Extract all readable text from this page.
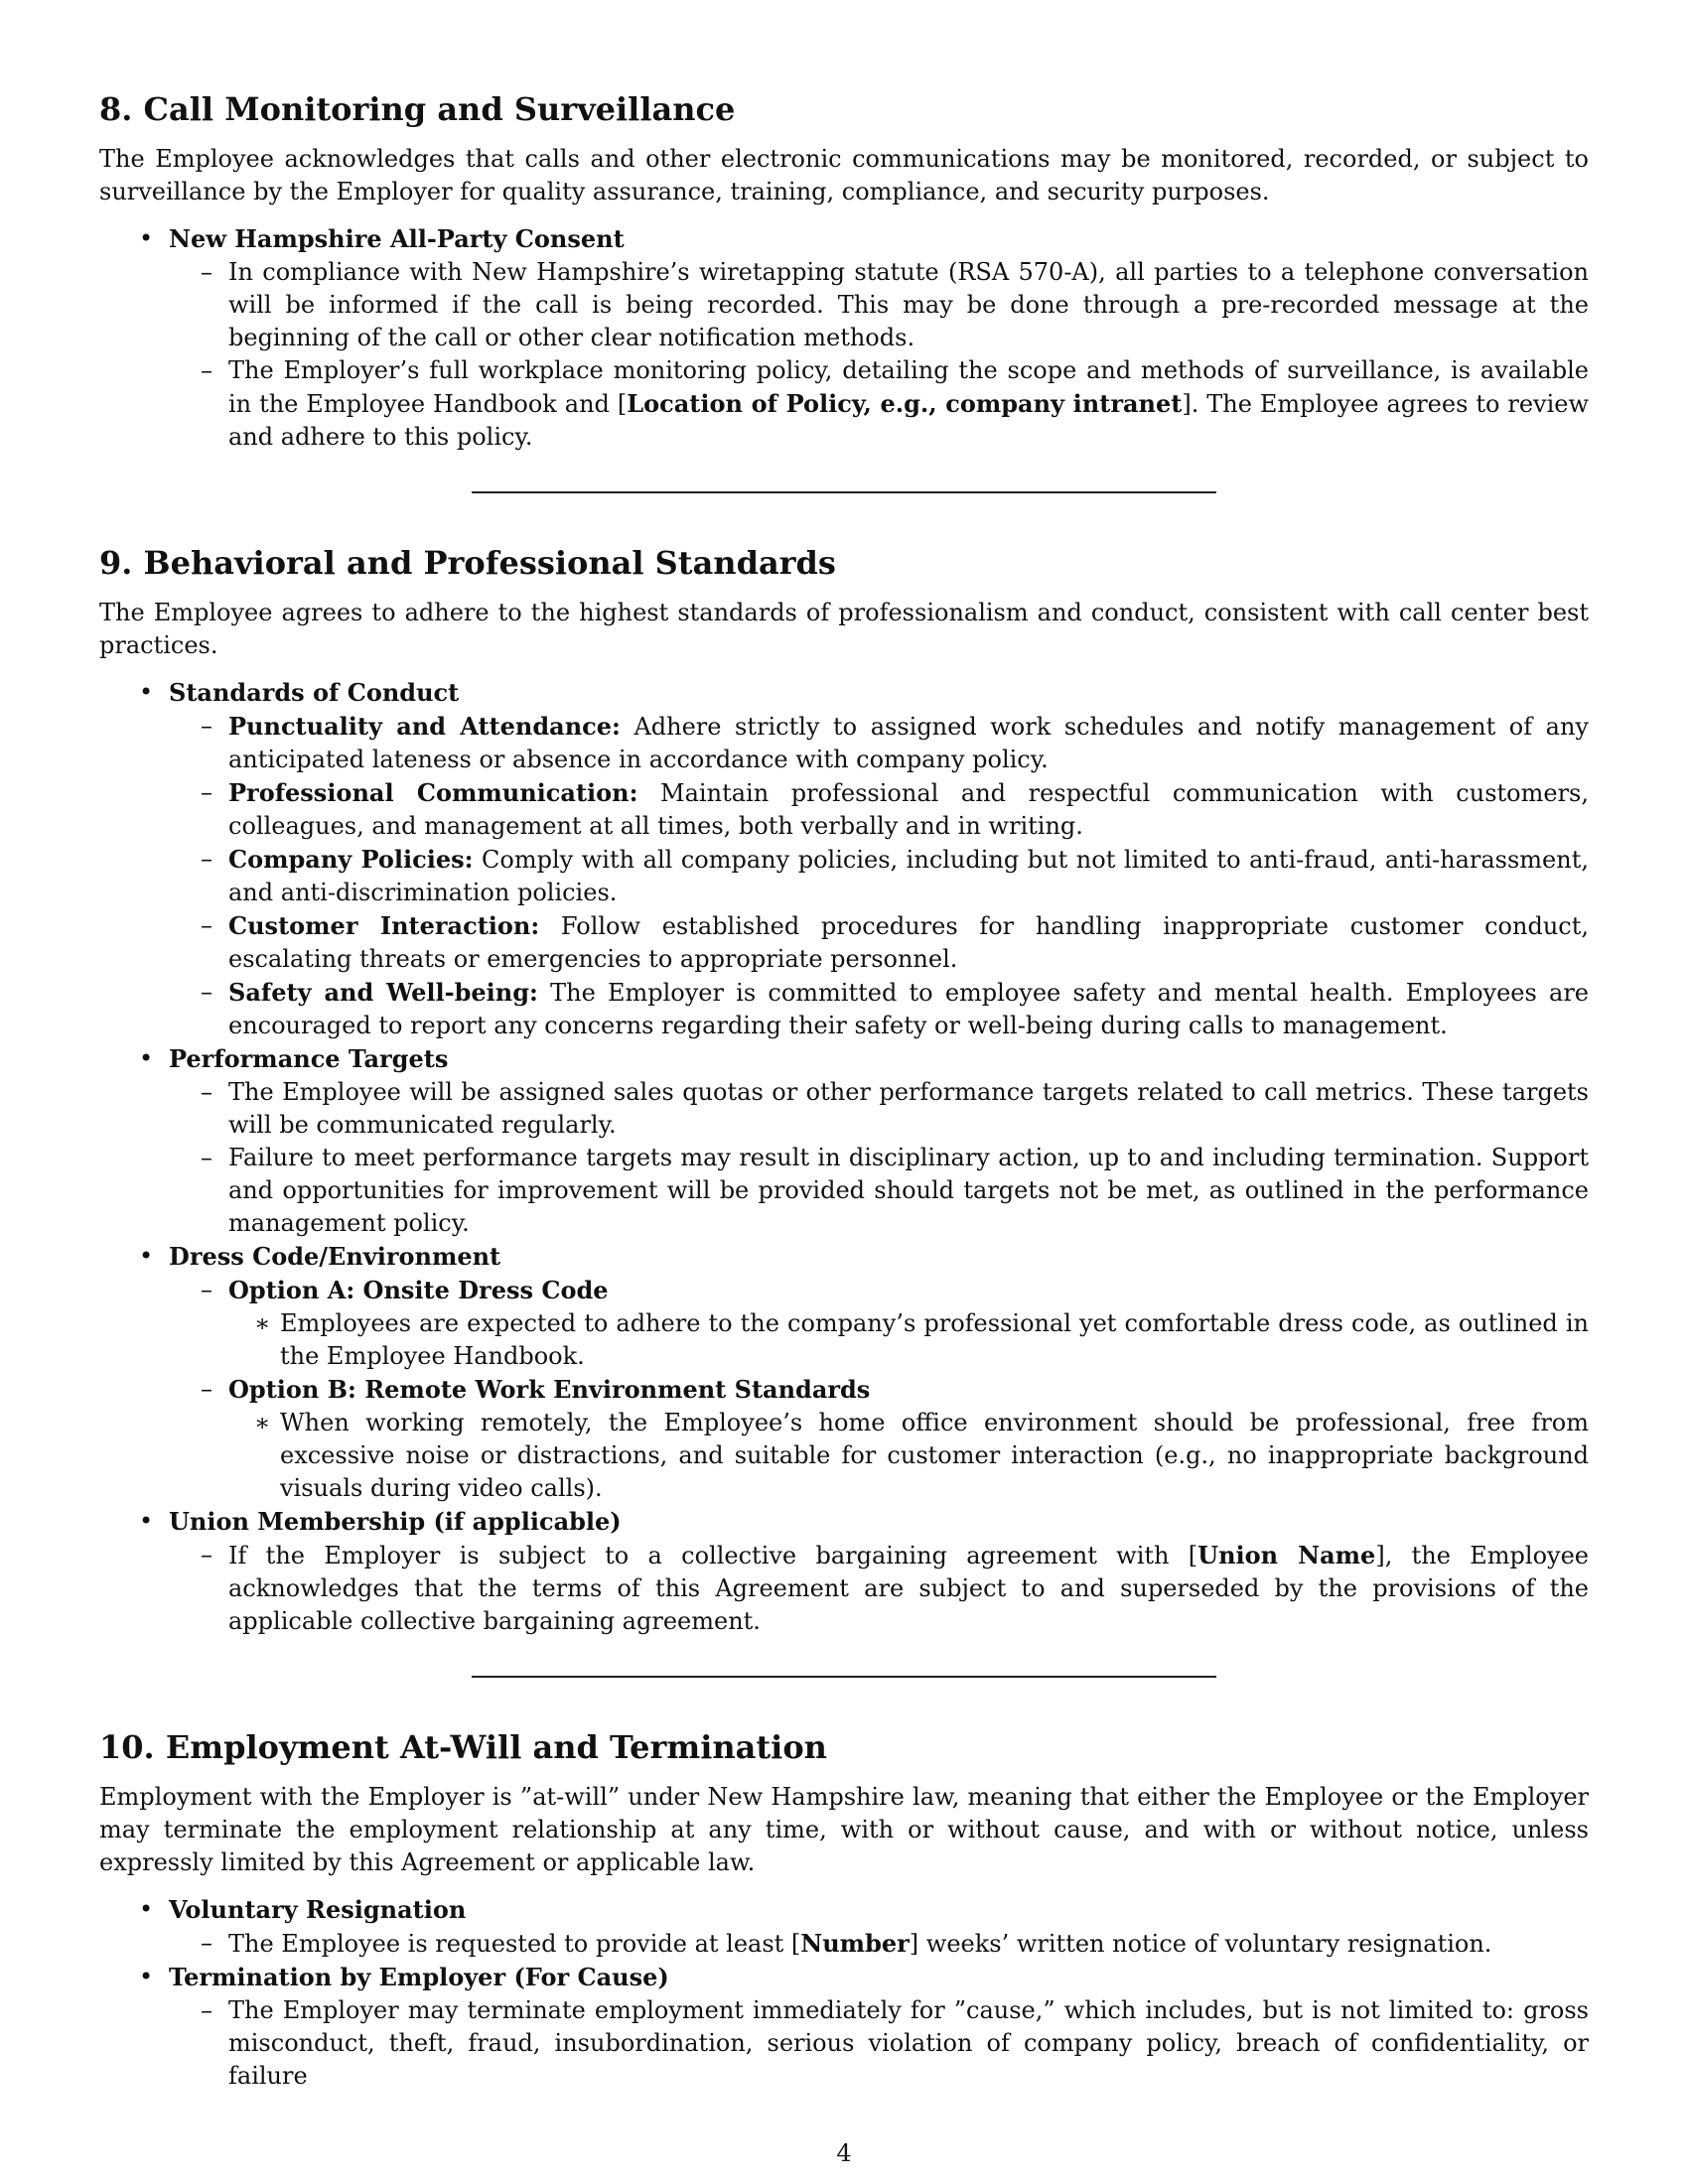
8. Call Monitoring and Surveillance

The Employee acknowledges that calls and other electronic communications may be monitored, recorded, or subject to surveillance by the Employer for quality assurance, training, compliance, and security purposes.

• New Hampshire All-Party Consent
– In compliance with New Hampshire’s wiretapping statute (RSA 570-A), all parties to a telephone conversation will be informed if the call is being recorded. This may be done through a pre-recorded message at the beginning of the call or other clear notification methods.
– The Employer’s full workplace monitoring policy, detailing the scope and methods of surveillance, is available in the Employee Handbook and [Location of Policy, e.g., company intranet]. The Employee agrees to review and adhere to this policy.
9. Behavioral and Professional Standards

The Employee agrees to adhere to the highest standards of professionalism and conduct, consistent with call center best practices.

• Standards of Conduct
– Punctuality and Attendance: Adhere strictly to assigned work schedules and notify management of any anticipated lateness or absence in accordance with company policy.
– Professional Communication: Maintain professional and respectful communication with customers, colleagues, and management at all times, both verbally and in writing.
– Company Policies: Comply with all company policies, including but not limited to anti-fraud, anti-harassment, and anti-discrimination policies.
– Customer Interaction: Follow established procedures for handling inappropriate customer conduct, escalating threats or emergencies to appropriate personnel.
– Safety and Well-being: The Employer is committed to employee safety and mental health. Employees are encouraged to report any concerns regarding their safety or well-being during calls to management.
• Performance Targets
– The Employee will be assigned sales quotas or other performance targets related to call metrics. These targets will be communicated regularly.
– Failure to meet performance targets may result in disciplinary action, up to and including termination. Support and opportunities for improvement will be provided should targets not be met, as outlined in the performance management policy.
• Dress Code/Environment
– Option A: Onsite Dress Code
∗ Employees are expected to adhere to the company’s professional yet comfortable dress code, as outlined in the Employee Handbook.
– Option B: Remote Work Environment Standards
∗ When working remotely, the Employee’s home office environment should be professional, free from excessive noise or distractions, and suitable for customer interaction (e.g., no inappropriate background visuals during video calls).
• Union Membership (if applicable)
– If the Employer is subject to a collective bargaining agreement with [Union Name], the Employee acknowledges that the terms of this Agreement are subject to and superseded by the provisions of the applicable collective bargaining agreement.
10. Employment At-Will and Termination

Employment with the Employer is ”at-will” under New Hampshire law, meaning that either the Employee or the Employer may terminate the employment relationship at any time, with or without cause, and with or without notice, unless expressly limited by this Agreement or applicable law.

• Voluntary Resignation
– The Employee is requested to provide at least [Number] weeks’ written notice of voluntary resignation.
• Termination by Employer (For Cause)
– The Employer may terminate employment immediately for ”cause,” which includes, but is not limited to: gross misconduct, theft, fraud, insubordination, serious violation of company policy, breach of confidentiality, or failure
4
